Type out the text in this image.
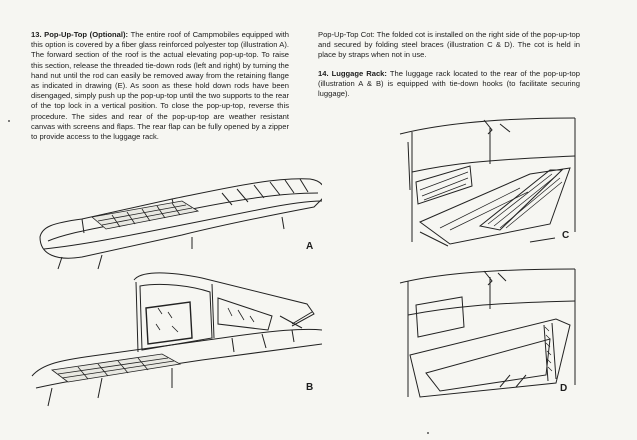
13. Pop-Up-Top (Optional): The entire roof of Campmobiles equipped with this option is covered by a fiber glass reinforced polyester top (illustration A). The forward section of the roof is the actual elevating pop-up-top. To raise this section, release the threaded tie-down rods (left and right) by turning the hand nut until the rod can easily be removed away from the retaining flange as indicated in drawing (E). As soon as these hold down rods have been disengaged, simply push up the pop-up-top until the two supports to the rear of the top lock in a vertical position. To close the pop-up-top, reverse this procedure. The sides and rear of the pop-up-top are weather resistant canvas with screens and flaps. The rear flap can be fully opened by a zipper to provide access to the luggage rack.

Pop-Up-Top Cot: The folded cot is installed on the right side of the pop-up-top and secured by folding steel braces (illustration C & D). The cot is held in place by straps when not in use.

14. Luggage Rack: The luggage rack located to the rear of the pop-up-top (illustration A & B) is equipped with tie-down hooks (to facilitate securing luggage).

A
B
C
D
